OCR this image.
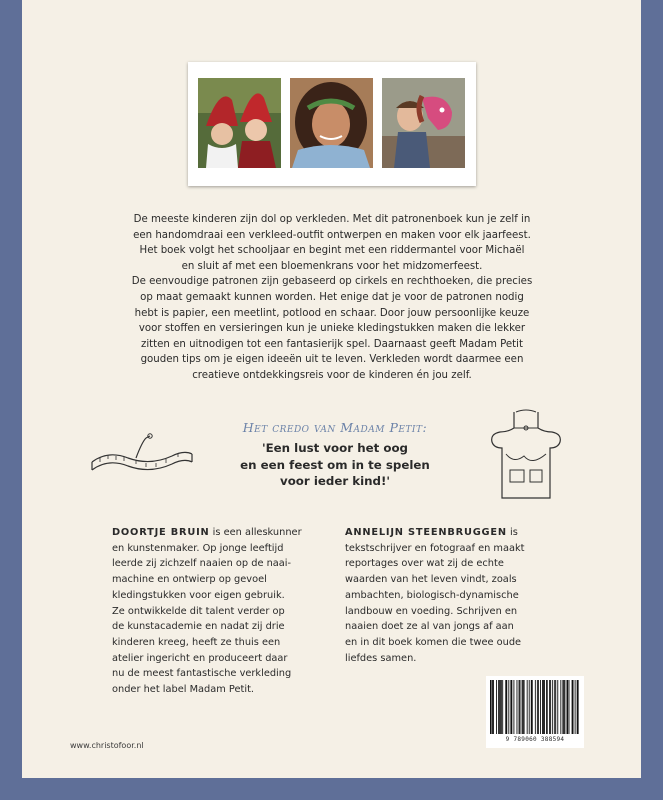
De meeste kinderen zijn dol op verkleden. Met dit patronenboek kun je zelf in
een handomdraai een verkleed-outfit ontwerpen en maken voor elk jaarfeest.
Het boek volgt het schooljaar en begint met een riddermantel voor Michaël
en sluit af met een bloemenkrans voor het midzomerfeest.
De eenvoudige patronen zijn gebaseerd op cirkels en rechthoeken, die precies
op maat gemaakt kunnen worden. Het enige dat je voor de patronen nodig
hebt is papier, een meetlint, potlood en schaar. Door jouw persoonlijke keuze
voor stoffen en versieringen kun je unieke kledingstukken maken die lekker
zitten en uitnodigen tot een fantasierijk spel. Daarnaast geeft Madam Petit
gouden tips om je eigen ideeën uit te leven. Verkleden wordt daarmee een
creatieve ontdekkingsreis voor de kinderen én jou zelf.

Het credo van Madam Petit:

'Een lust voor het oog
en een feest om in te spelen
voor ieder kind!'
DOORTJE BRUIN is een alleskunner
en kunstenmaker. Op jonge leeftijd
leerde zij zichzelf naaien op de naai-
machine en ontwierp op gevoel
kledingstukken voor eigen gebruik.
Ze ontwikkelde dit talent verder op
de kunstacademie en nadat zij drie
kinderen kreeg, heeft ze thuis een
atelier ingericht en produceert daar
nu de meest fantastische verkleding
onder het label Madam Petit.
ANNELIJN STEENBRUGGEN is
tekstschrijver en fotograaf en maakt
reportages over wat zij de echte
waarden van het leven vindt, zoals
ambachten, biologisch-dynamische
landbouw en voeding. Schrijven en
naaien doet ze al van jongs af aan
en in dit boek komen die twee oude
liefdes samen.
9 789060 388594

www.christofoor.nl
